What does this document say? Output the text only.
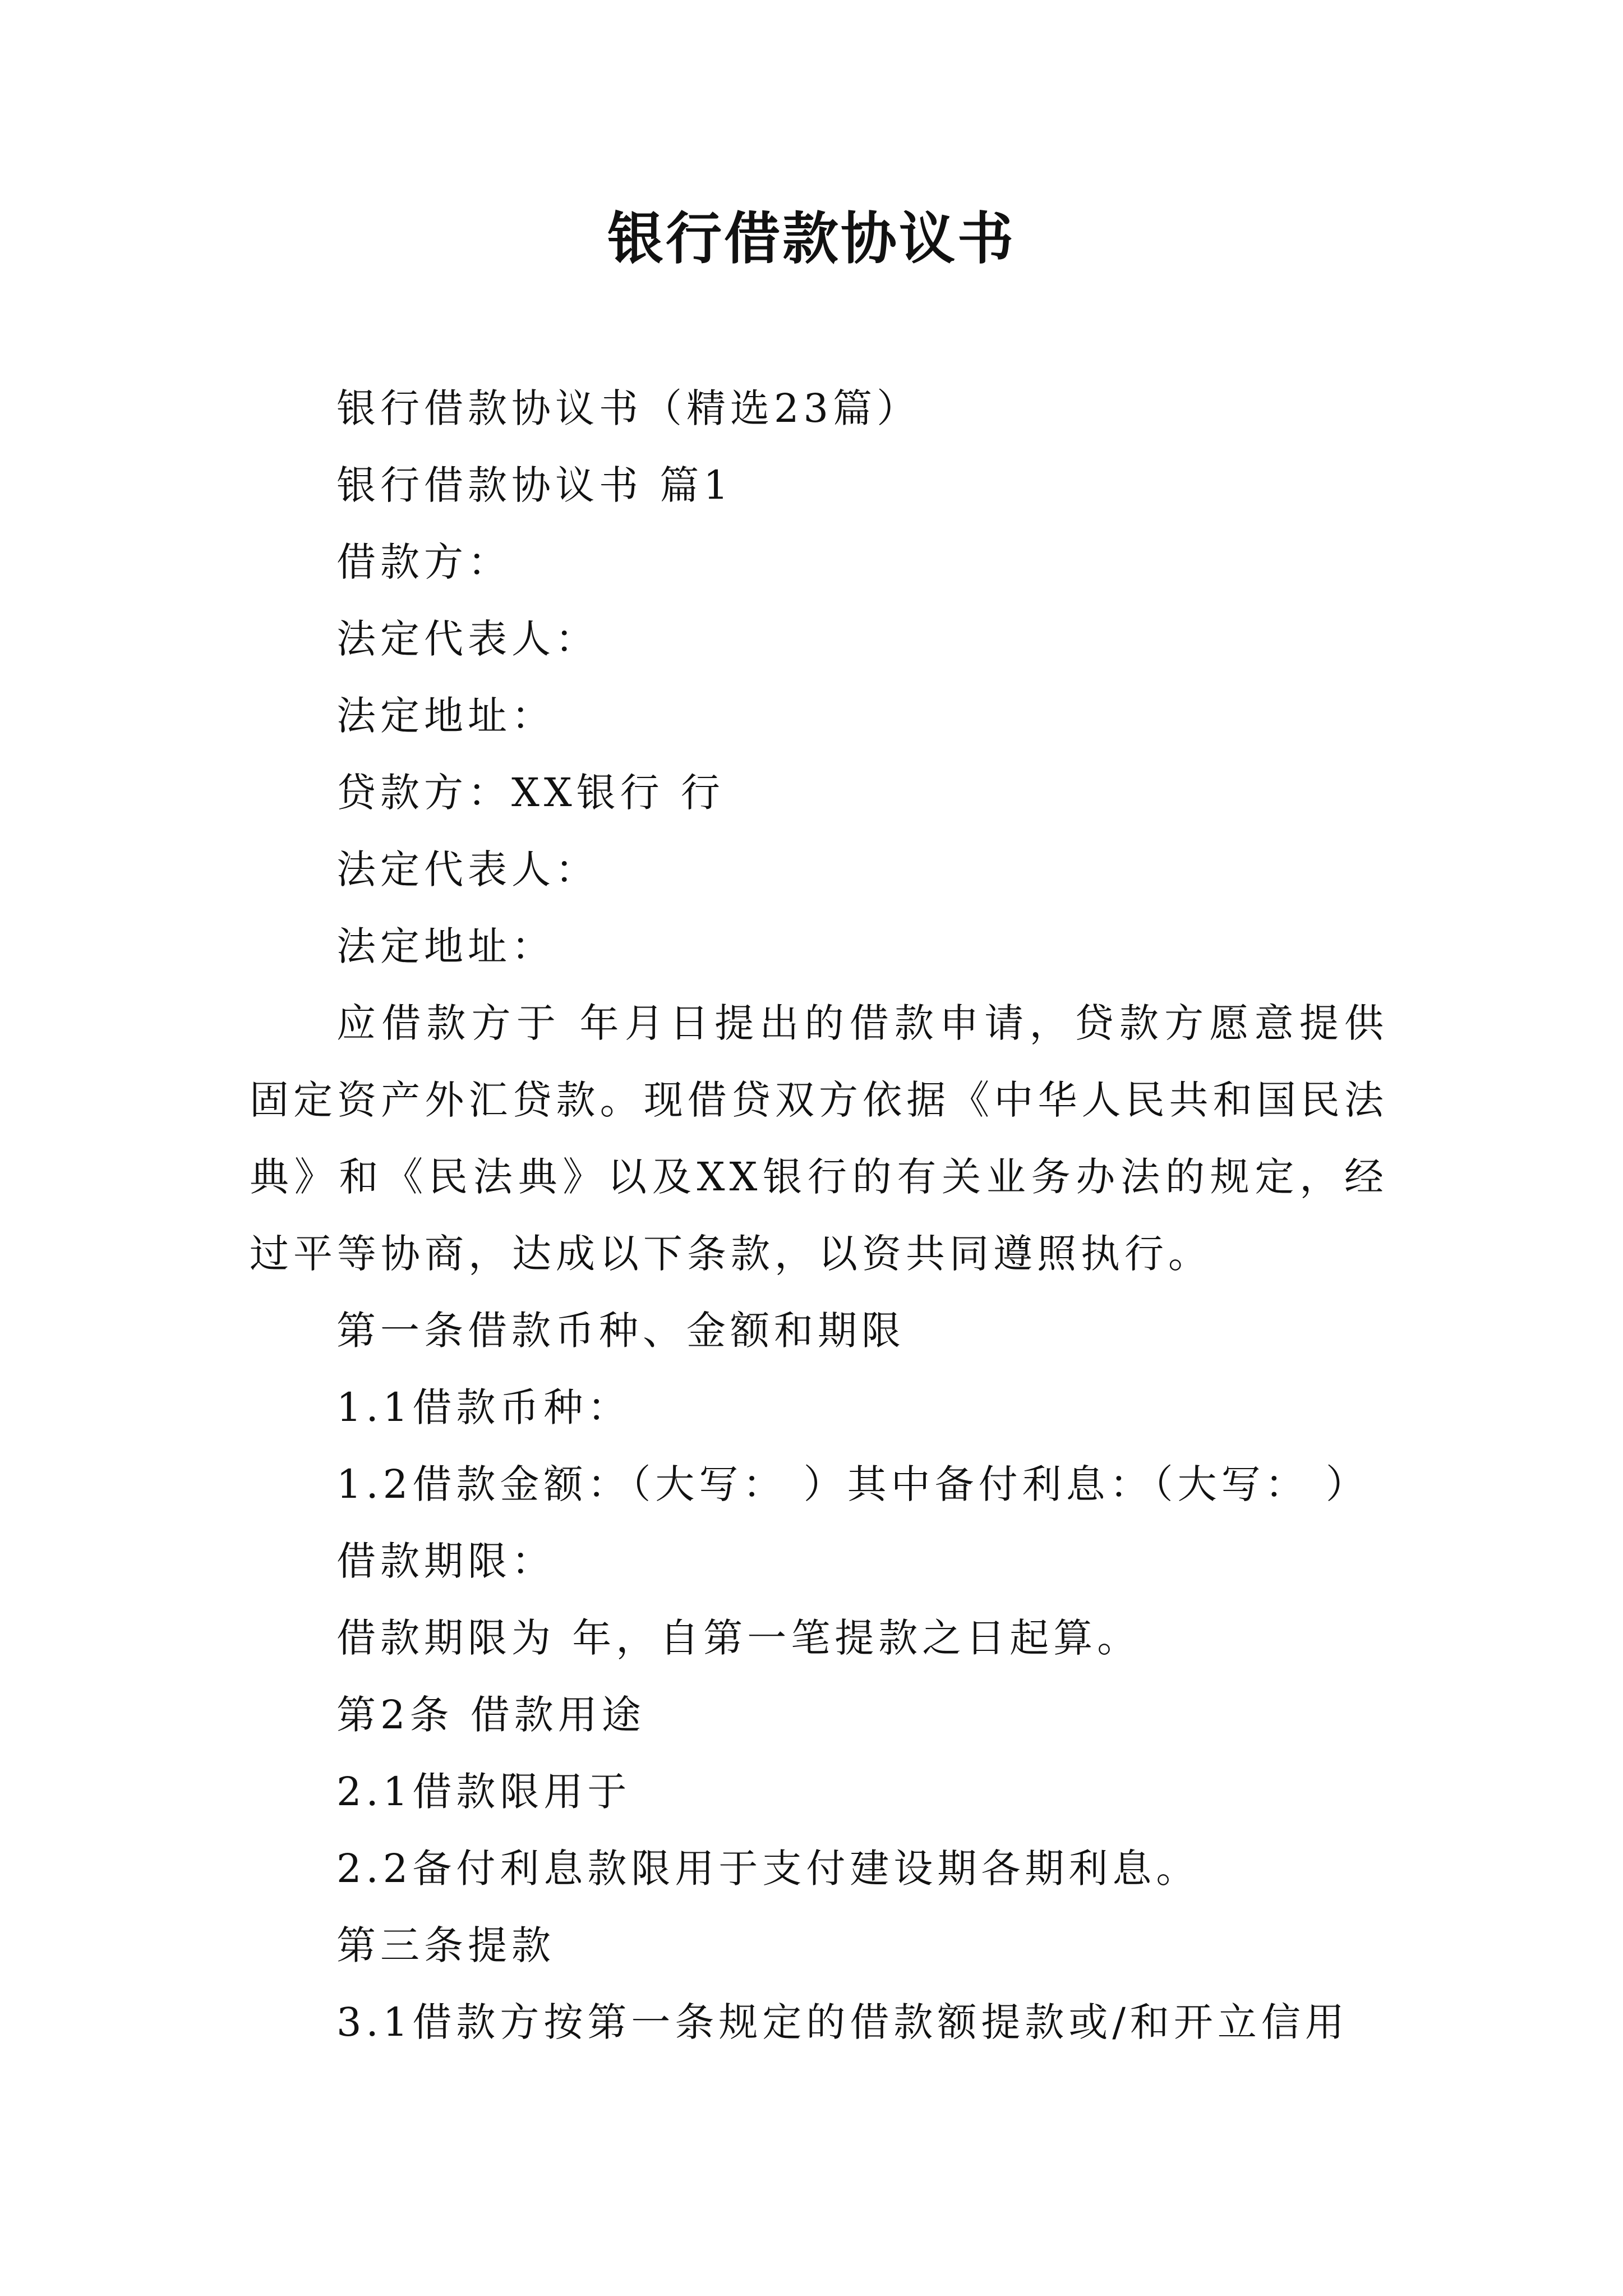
银行借款协议书

银行借款协议书（精选23篇）

银行借款协议书 篇1

借款方：

法定代表人：

法定地址：

贷款方：XX银行 行

法定代表人：

法定地址：

应借款方于 年月日提出的借款申请，贷款方愿意提供固定资产外汇贷款。现借贷双方依据《中华人民共和国民法典》和《民法典》以及XX银行的有关业务办法的规定，经过平等协商，达成以下条款，以资共同遵照执行。

第一条借款币种、金额和期限

1.1借款币种：

1.2借款金额：（大写： ）其中备付利息：（大写： ）

借款期限：

借款期限为 年，自第一笔提款之日起算。

第2条 借款用途

2.1借款限用于

2.2备付利息款限用于支付建设期各期利息。

第三条提款

3.1借款方按第一条规定的借款额提款或/和开立信用
